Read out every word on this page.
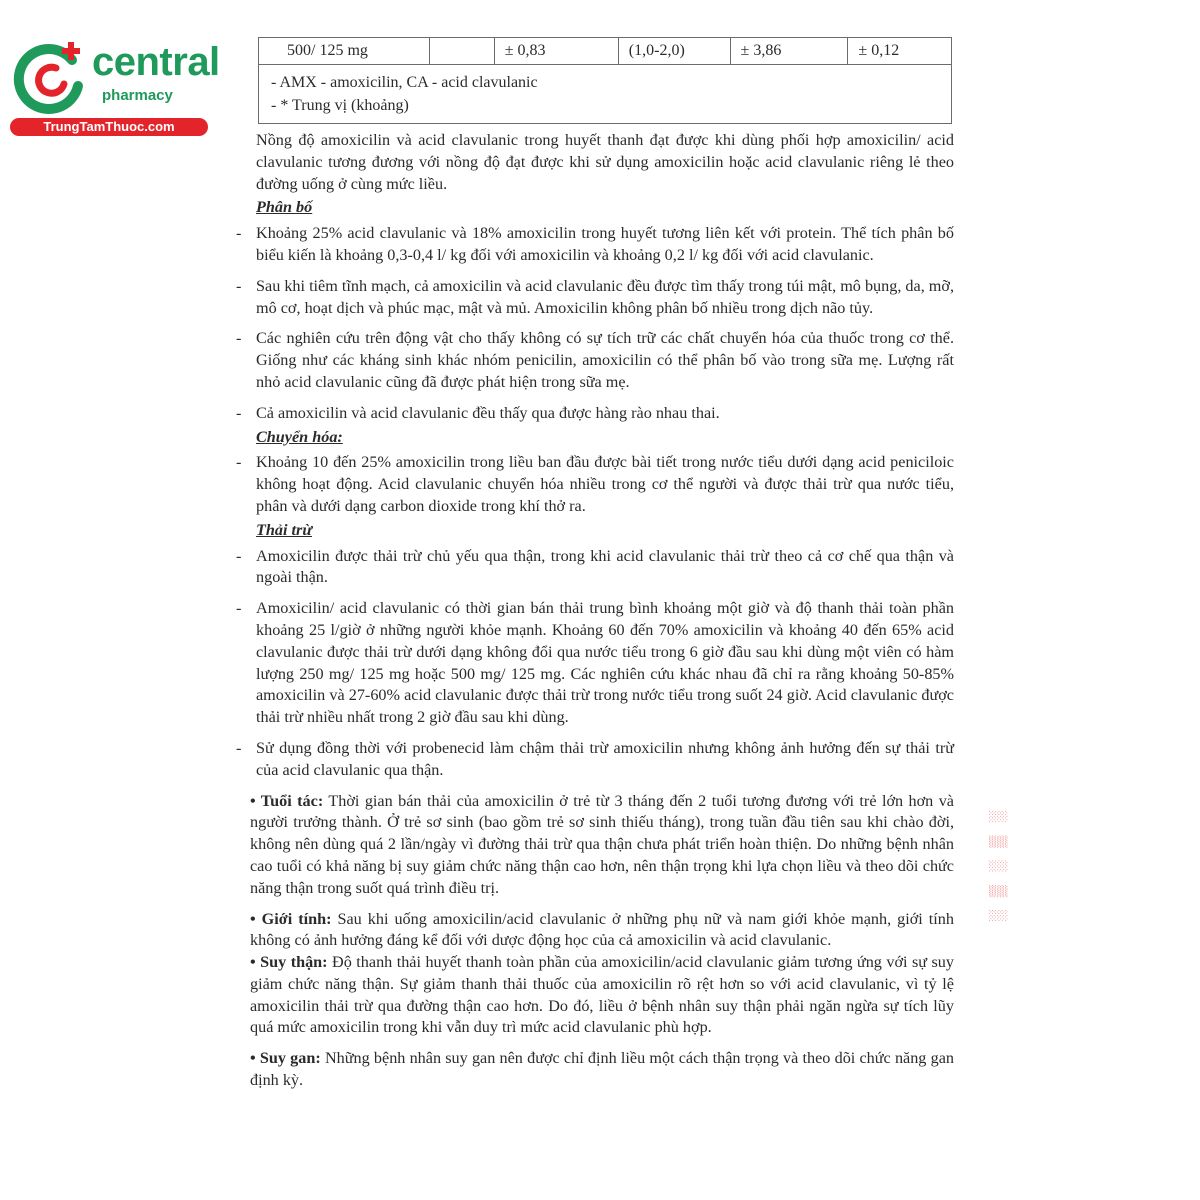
central
pharmacy
TrungTamThuoc.com
500/ 125 mg		± 0,83	(1,0-2,0)	± 3,86	± 0,12

- AMX - amoxicilin, CA - acid clavulanic
- * Trung vị (khoảng)

Nồng độ amoxicilin và acid clavulanic trong huyết thanh đạt được khi dùng phối hợp amoxicilin/ acid clavulanic tương đương với nồng độ đạt được khi sử dụng amoxicilin hoặc acid clavulanic riêng lẻ theo đường uống ở cùng mức liều.

Phân bố

- Khoảng 25% acid clavulanic và 18% amoxicilin trong huyết tương liên kết với protein. Thể tích phân bố biểu kiến là khoảng 0,3-0,4 l/ kg đối với amoxicilin và khoảng 0,2 l/ kg đối với acid clavulanic.

- Sau khi tiêm tĩnh mạch, cả amoxicilin và acid clavulanic đều được tìm thấy trong túi mật, mô bụng, da, mỡ, mô cơ, hoạt dịch và phúc mạc, mật và mủ. Amoxicilin không phân bố nhiều trong dịch não tủy.

- Các nghiên cứu trên động vật cho thấy không có sự tích trữ các chất chuyển hóa của thuốc trong cơ thể. Giống như các kháng sinh khác nhóm penicilin, amoxicilin có thể phân bố vào trong sữa mẹ. Lượng rất nhỏ acid clavulanic cũng đã được phát hiện trong sữa mẹ.

- Cả amoxicilin và acid clavulanic đều thấy qua được hàng rào nhau thai.

Chuyển hóa:

- Khoảng 10 đến 25% amoxicilin trong liều ban đầu được bài tiết trong nước tiểu dưới dạng acid peniciloic không hoạt động. Acid clavulanic chuyển hóa nhiều trong cơ thể người và được thải trừ qua nước tiểu, phân và dưới dạng carbon dioxide trong khí thở ra.

Thải trừ

- Amoxicilin được thải trừ chủ yếu qua thận, trong khi acid clavulanic thải trừ theo cả cơ chế qua thận và ngoài thận.

- Amoxicilin/ acid clavulanic có thời gian bán thải trung bình khoảng một giờ và độ thanh thải toàn phần khoảng 25 l/giờ ở những người khỏe mạnh. Khoảng 60 đến 70% amoxicilin và khoảng 40 đến 65% acid clavulanic được thải trừ dưới dạng không đổi qua nước tiểu trong 6 giờ đầu sau khi dùng một viên có hàm lượng 250 mg/ 125 mg hoặc 500 mg/ 125 mg. Các nghiên cứu khác nhau đã chỉ ra rằng khoảng 50-85% amoxicilin và 27-60% acid clavulanic được thải trừ trong nước tiểu trong suốt 24 giờ. Acid clavulanic được thải trừ nhiều nhất trong 2 giờ đầu sau khi dùng.

- Sử dụng đồng thời với probenecid làm chậm thải trừ amoxicilin nhưng không ảnh hưởng đến sự thải trừ của acid clavulanic qua thận.

• Tuổi tác: Thời gian bán thải của amoxicilin ở trẻ từ 3 tháng đến 2 tuổi tương đương với trẻ lớn hơn và người trưởng thành. Ở trẻ sơ sinh (bao gồm trẻ sơ sinh thiếu tháng), trong tuần đầu tiên sau khi chào đời, không nên dùng quá 2 lần/ngày vì đường thải trừ qua thận chưa phát triển hoàn thiện. Do những bệnh nhân cao tuổi có khả năng bị suy giảm chức năng thận cao hơn, nên thận trọng khi lựa chọn liều và theo dõi chức năng thận trong suốt quá trình điều trị.

• Giới tính: Sau khi uống amoxicilin/acid clavulanic ở những phụ nữ và nam giới khỏe mạnh, giới tính không có ảnh hưởng đáng kể đối với dược động học của cả amoxicilin và acid clavulanic.

• Suy thận: Độ thanh thải huyết thanh toàn phần của amoxicilin/acid clavulanic giảm tương ứng với sự suy giảm chức năng thận. Sự giảm thanh thải thuốc của amoxicilin rõ rệt hơn so với acid clavulanic, vì tỷ lệ amoxicilin thải trừ qua đường thận cao hơn. Do đó, liều ở bệnh nhân suy thận phải ngăn ngừa sự tích lũy quá mức amoxicilin trong khi vẫn duy trì mức acid clavulanic phù hợp.

• Suy gan: Những bệnh nhân suy gan nên được chỉ định liều một cách thận trọng và theo dõi chức năng gan định kỳ.

░ ▒ ░ ▒ ░
